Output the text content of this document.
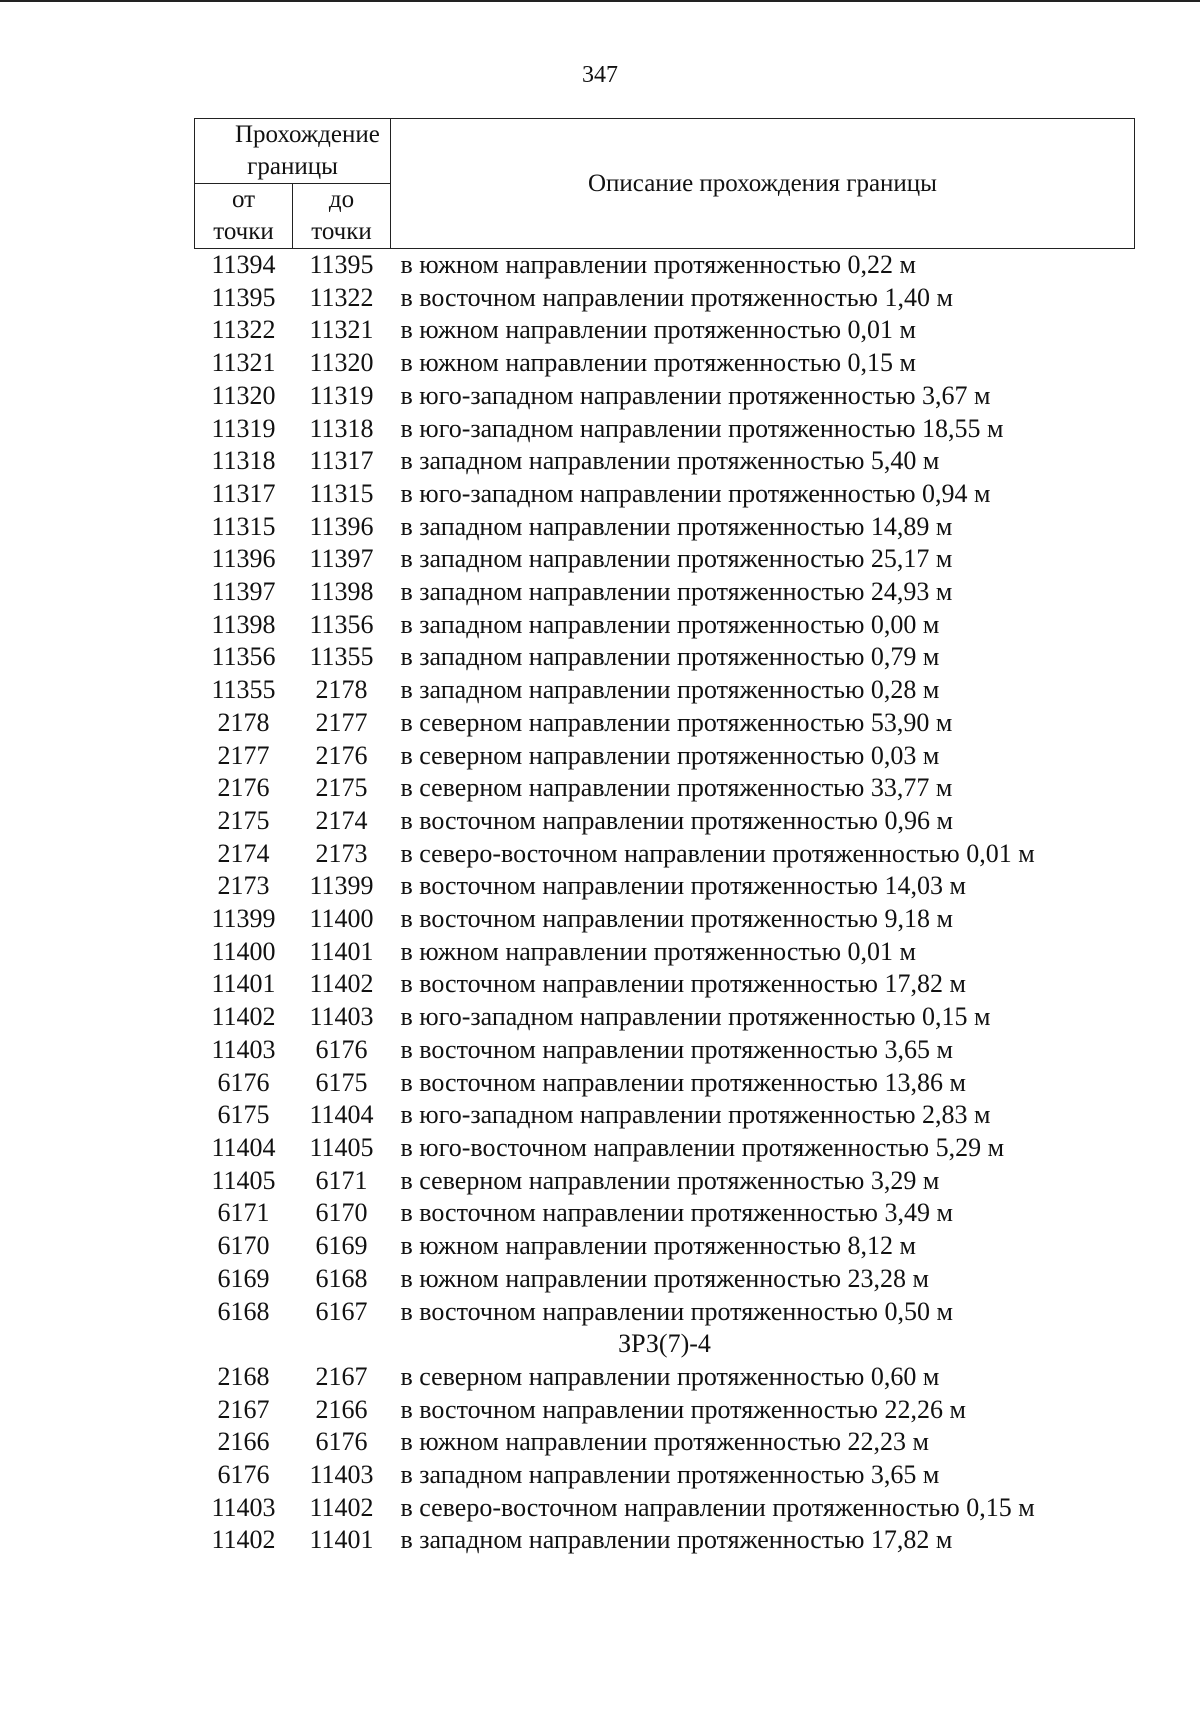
347
Прохождение границы		Описание прохождения границы
от точки	до точки	
11394	11395	в южном направлении протяженностью 0,22 м
11395	11322	в восточном направлении протяженностью 1,40 м
11322	11321	в южном направлении протяженностью 0,01 м
11321	11320	в южном направлении протяженностью 0,15 м
11320	11319	в юго-западном направлении протяженностью 3,67 м
11319	11318	в юго-западном направлении протяженностью 18,55 м
11318	11317	в западном направлении протяженностью 5,40 м
11317	11315	в юго-западном направлении протяженностью 0,94 м
11315	11396	в западном направлении протяженностью 14,89 м
11396	11397	в западном направлении протяженностью 25,17 м
11397	11398	в западном направлении протяженностью 24,93 м
11398	11356	в западном направлении протяженностью 0,00 м
11356	11355	в западном направлении протяженностью 0,79 м
11355	2178	в западном направлении протяженностью 0,28 м
2178	2177	в северном направлении протяженностью 53,90 м
2177	2176	в северном направлении протяженностью 0,03 м
2176	2175	в северном направлении протяженностью 33,77 м
2175	2174	в восточном направлении протяженностью 0,96 м
2174	2173	в северо-восточном направлении протяженностью 0,01 м
2173	11399	в восточном направлении протяженностью 14,03 м
11399	11400	в восточном направлении протяженностью 9,18 м
11400	11401	в южном направлении протяженностью 0,01 м
11401	11402	в восточном направлении протяженностью 17,82 м
11402	11403	в юго-западном направлении протяженностью 0,15 м
11403	6176	в восточном направлении протяженностью 3,65 м
6176	6175	в восточном направлении протяженностью 13,86 м
6175	11404	в юго-западном направлении протяженностью 2,83 м
11404	11405	в юго-восточном направлении протяженностью 5,29 м
11405	6171	в северном направлении протяженностью 3,29 м
6171	6170	в восточном направлении протяженностью 3,49 м
6170	6169	в южном направлении протяженностью 8,12 м
6169	6168	в южном направлении протяженностью 23,28 м
6168	6167	в восточном направлении протяженностью 0,50 м
ЗРЗ(7)-4		
2168	2167	в северном направлении протяженностью 0,60 м
2167	2166	в восточном направлении протяженностью 22,26 м
2166	6176	в южном направлении протяженностью 22,23 м
6176	11403	в западном направлении протяженностью 3,65 м
11403	11402	в северо-восточном направлении протяженностью 0,15 м
11402	11401	в западном направлении протяженностью 17,82 м
